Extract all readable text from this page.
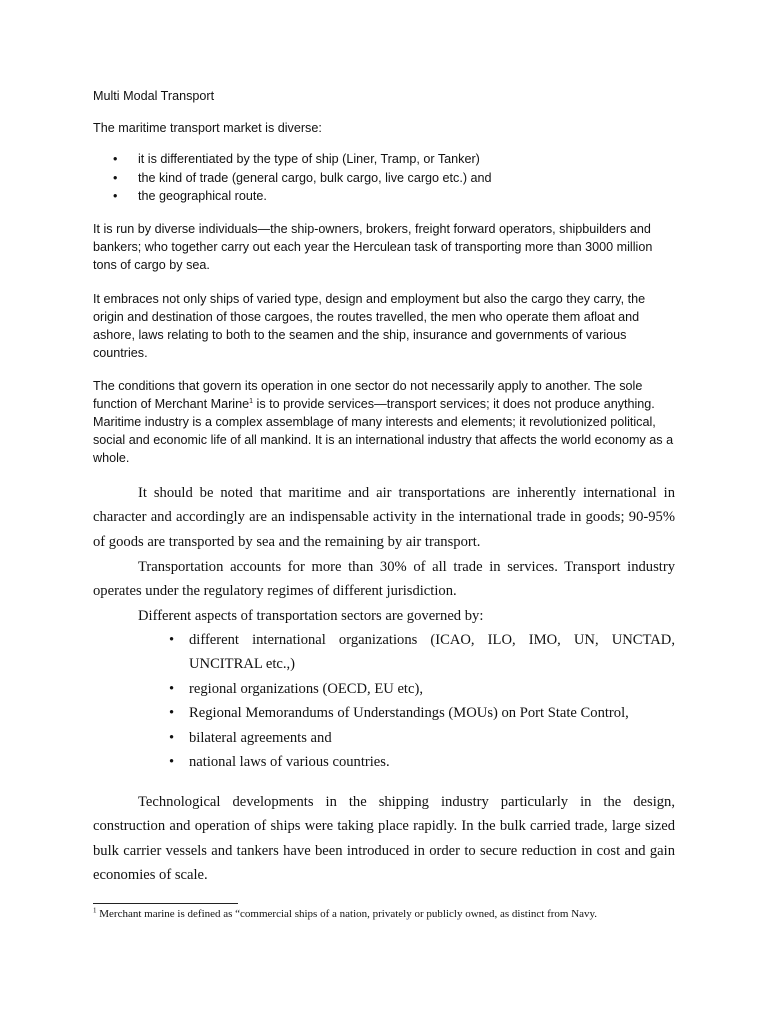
Multi Modal Transport

The maritime transport market is diverse:

• it is differentiated by the type of ship (Liner, Tramp, or Tanker)
• the kind of trade (general cargo, bulk cargo, live cargo etc.) and
• the geographical route.

It is run by diverse individuals—the ship-owners, brokers, freight forward operators, shipbuilders and bankers; who together carry out each year the Herculean task of transporting more than 3000 million tons of cargo by sea.

It embraces not only ships of varied type, design and employment but also the cargo they carry, the origin and destination of those cargoes, the routes travelled, the men who operate them afloat and ashore, laws relating to both to the seamen and the ship, insurance and governments of various countries.

The conditions that govern its operation in one sector do not necessarily apply to another. The sole function of Merchant Marine$^1$ is to provide services—transport services; it does not produce anything. Maritime industry is a complex assemblage of many interests and elements; it revolutionized political, social and economic life of all mankind. It is an international industry that affects the world economy as a whole.

It should be noted that maritime and air transportations are inherently international in character and accordingly are an indispensable activity in the international trade in goods; 90-95% of goods are transported by sea and the remaining by air transport.

Transportation accounts for more than 30% of all trade in services. Transport industry operates under the regulatory regimes of different jurisdiction.

Different aspects of transportation sectors are governed by:

• different international organizations (ICAO, ILO, IMO, UN, UNCTAD, UNCITRAL etc.,)
• regional organizations (OECD, EU etc),
• Regional Memorandums of Understandings (MOUs) on Port State Control,
• bilateral agreements and
• national laws of various countries.

Technological developments in the shipping industry particularly in the design, construction and operation of ships were taking place rapidly. In the bulk carried trade, large sized bulk carrier vessels and tankers have been introduced in order to secure reduction in cost and gain economies of scale.

$^1$ Merchant marine is defined as “commercial ships of a nation, privately or publicly owned, as distinct from Navy.
